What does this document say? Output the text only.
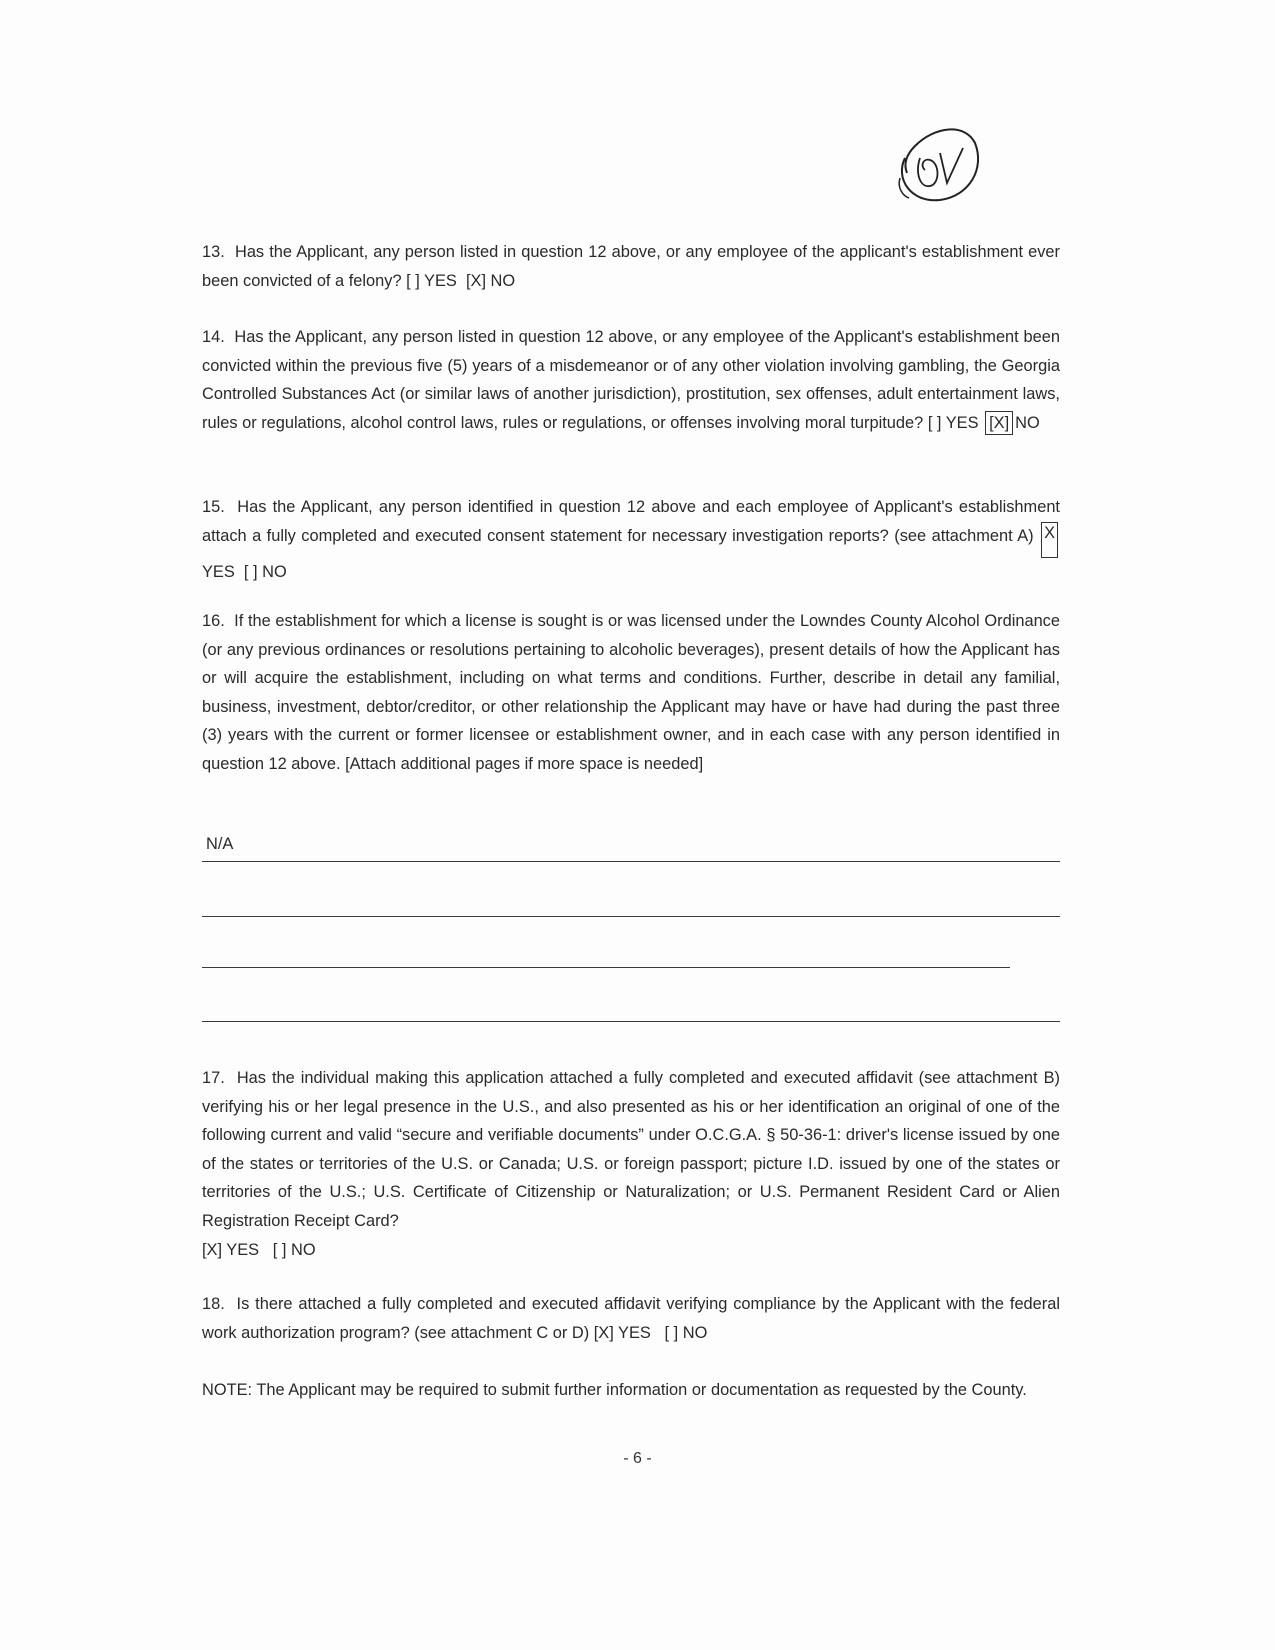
13. Has the Applicant, any person listed in question 12 above, or any employee of the applicant's establishment ever been convicted of a felony? [ ] YES [X] NO

14. Has the Applicant, any person listed in question 12 above, or any employee of the Applicant's establishment been convicted within the previous five (5) years of a misdemeanor or of any other violation involving gambling, the Georgia Controlled Substances Act (or similar laws of another jurisdiction), prostitution, sex offenses, adult entertainment laws, rules or regulations, alcohol control laws, rules or regulations, or offenses involving moral turpitude? [ ] YES [X] NO

15. Has the Applicant, any person identified in question 12 above and each employee of Applicant's establishment attach a fully completed and executed consent statement for necessary investigation reports? (see attachment A) X YES [ ] NO

16. If the establishment for which a license is sought is or was licensed under the Lowndes County Alcohol Ordinance (or any previous ordinances or resolutions pertaining to alcoholic beverages), present details of how the Applicant has or will acquire the establishment, including on what terms and conditions. Further, describe in detail any familial, business, investment, debtor/creditor, or other relationship the Applicant may have or have had during the past three (3) years with the current or former licensee or establishment owner, and in each case with any person identified in question 12 above. [Attach additional pages if more space is needed]

N/A

17. Has the individual making this application attached a fully completed and executed affidavit (see attachment B) verifying his or her legal presence in the U.S., and also presented as his or her identification an original of one of the following current and valid “secure and verifiable documents” under O.C.G.A. § 50-36-1: driver's license issued by one of the states or territories of the U.S. or Canada; U.S. or foreign passport; picture I.D. issued by one of the states or territories of the U.S.; U.S. Certificate of Citizenship or Naturalization; or U.S. Permanent Resident Card or Alien Registration Receipt Card?
[X] YES [ ] NO

18. Is there attached a fully completed and executed affidavit verifying compliance by the Applicant with the federal work authorization program? (see attachment C or D) [X] YES [ ] NO

NOTE: The Applicant may be required to submit further information or documentation as requested by the County.

- 6 -
